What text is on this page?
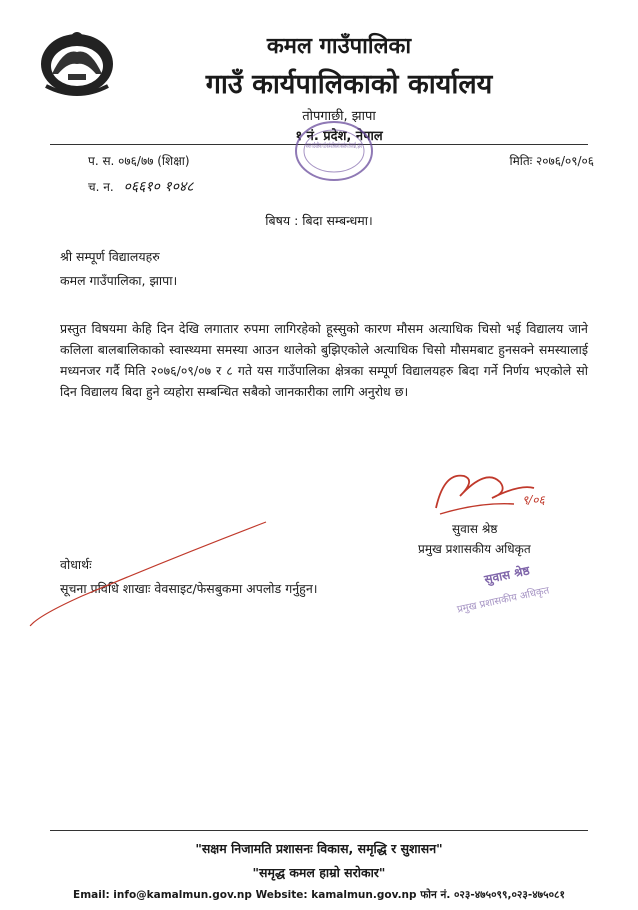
कमल गाउँपालिका
गाउँ कार्यपालिकाको कार्यालय
तोपगाछी, झापा
१ नं. प्रदेश, नेपाल
कमल गाउँपालिका गाउँ कार्यपालिकाको कार्यालय तोपगाछी, झापा
प. स. ०७६/७७ (शिक्षा)
च. न. ०६६१० १०४८
मितिः २०७६/०९/०६
बिषय : बिदा सम्बन्धमा।
श्री सम्पूर्ण विद्यालयहरु
कमल गाउँपालिका, झापा।
प्रस्तुत विषयमा केहि दिन देखि लगातार रुपमा लागिरहेको हूस्सुको कारण मौसम अत्याधिक चिसो भई विद्यालय जाने कलिला बालबालिकाको स्वास्थ्यमा समस्या आउन थालेको बुझिएकोले अत्याधिक चिसो मौसमबाट हुनसक्ने समस्यालाई मध्यनजर गर्दै मिति २०७६/०९/०७ र ८ गते यस गाउँपालिका क्षेत्रका सम्पूर्ण विद्यालयहरु बिदा गर्ने निर्णय भएकोले सो दिन विद्यालय बिदा हुने व्यहोरा सम्बन्धित सबैको जानकारीका लागि अनुरोध छ।
९/०६
सुवास श्रेष्ठ
प्रमुख प्रशासकीय अधिकृत
सुवास श्रेष्ठ
प्रमुख प्रशासकीय अधिकृत
वोधार्थः
सूचना प्रविधि शाखाः वेवसाइट/फेसबुकमा अपलोड गर्नुहुन।
"सक्षम निजामति प्रशासनः विकास, समृद्धि र सुशासन"
"समृद्ध कमल हाम्रो सरोकार"
Email: info@kamalmun.gov.np Website: kamalmun.gov.np फोन नं. ०२३-४७५०९९,०२३-४७५०८१
